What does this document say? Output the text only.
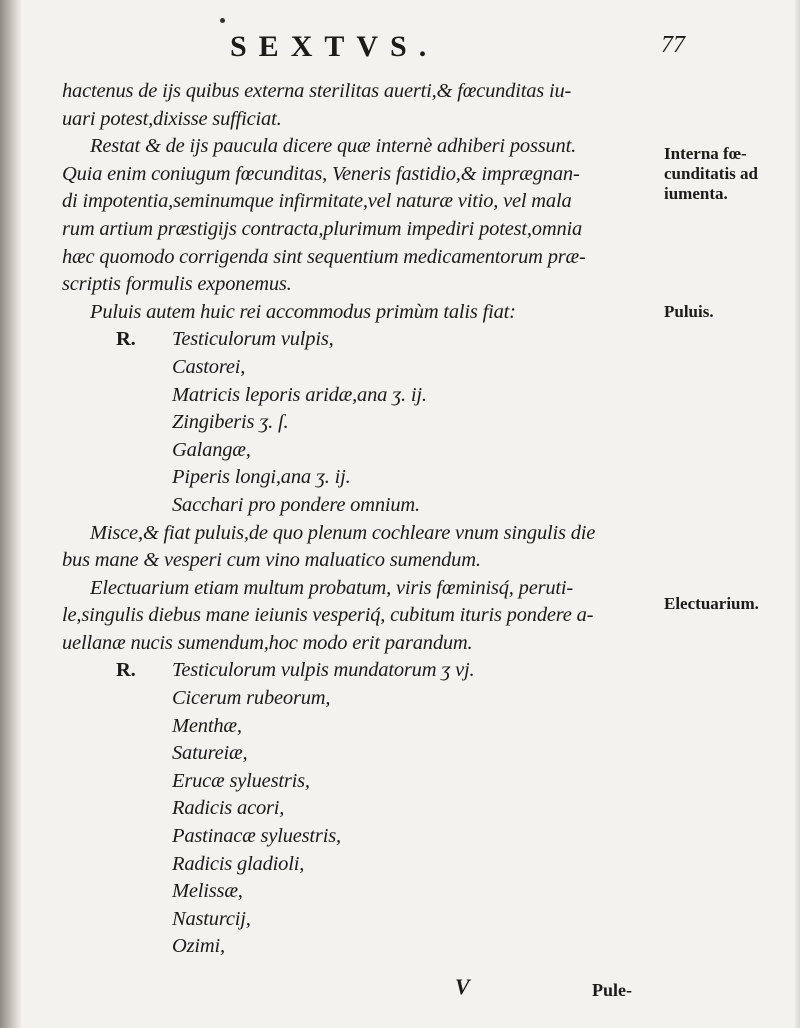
SEXTVS.	77
hactenus de ijs quibus externa sterilitas auerti,& fœcunditas iu-
uari potest,dixisse sufficiat.
Restat & de ijs paucula dicere quæ internè adhiberi possunt.
Quia enim coniugum fœcunditas, Veneris fastidio,& imprægnan-
di impotentia,seminumque infirmitate,vel naturæ vitio, vel mala
rum artium præstigijs contracta,plurimum impediri potest,omnia
hæc quomodo corrigenda sint sequentium medicamentorum præ-
scriptis formulis exponemus.
Puluis autem huic rei accommodus primùm talis fiat:
R. Testiculorum vulpis,
Castorei,
Matricis leporis aridæ,ana ʒ. ij.
Zingiberis ʒ. ſ.
Galangæ,
Piperis longi,ana ʒ. ij.
Sacchari pro pondere omnium.
Misce,& fiat puluis,de quo plenum cochleare vnum singulis die
bus mane & vesperi cum vino maluatico sumendum.
Electuarium etiam multum probatum, viris fœminisq́, peruti-
le,singulis diebus mane ieiunis vesperiq́, cubitum ituris pondere a-
uellanæ nucis sumendum,hoc modo erit parandum.
R. Testiculorum vulpis mundatorum ʒ vj.
Cicerum rubeorum,
Menthæ,
Satureiæ,
Erucæ syluestris,
Radicis acori,
Pastinacæ syluestris,
Radicis gladioli,
Melissæ,
Nasturcij,
Ozimi,
Interna fœ-
cunditatis ad
iumenta.
Puluis.
Electuarium.
V	Pule-
